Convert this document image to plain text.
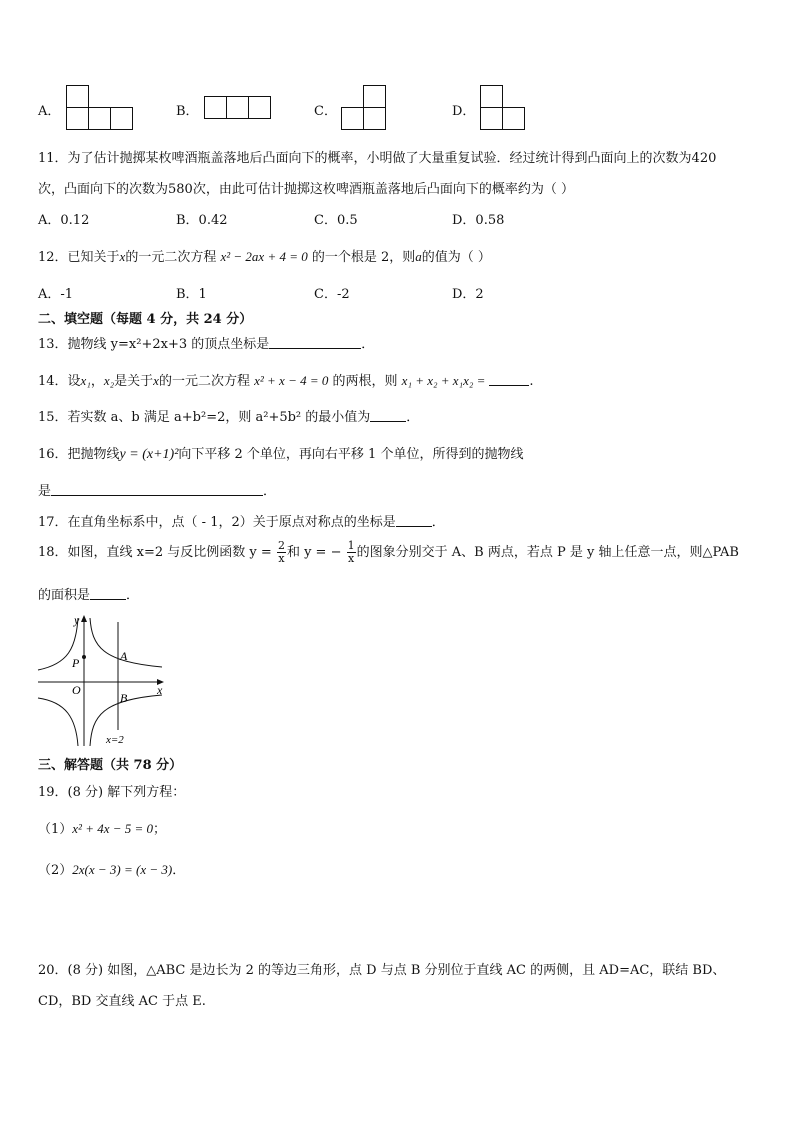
A．	B．	C．	D．
11．为了估计抛掷某枚啤酒瓶盖落地后凸面向下的概率，小明做了大量重复试验．经过统计得到凸面向上的次数为420
次，凸面向下的次数为580次，由此可估计抛掷这枚啤酒瓶盖落地后凸面向下的概率约为（ ）
A．0.12	B．0.42	C．0.5	D．0.58
12．已知关于x的一元二次方程 x² − 2ax + 4 = 0 的一个根是 2，则a的值为（ ）
A．-1	B．1	C．-2	D．2
二、填空题（每题 4 分，共 24 分）
13．抛物线 y=x²+2x+3 的顶点坐标是	．
14．设x₁，x₂是关于x的一元二次方程 x² + x − 4 = 0 的两根，则 x₁ + x₂ + x₁x₂ =	.
15．若实数 a、b 满足 a+b²=2，则 a²+5b² 的最小值为	．
16．把抛物线y = (x+1)²向下平移 2 个单位，再向右平移 1 个单位，所得到的抛物线
是	．
17．在直角坐标系中，点（ - 1，2）关于原点对称点的坐标是	．
18．如图，直线 x=2 与反比例函数 $y = \frac{2}{x}$ 和 y = − $\frac{1}{x}$ 的图象分别交于 A、B 两点，若点 P 是 y 轴上任意一点，则△PAB
的面积是	．
y
x
O
P	A
B
x=2
三、解答题（共 78 分）
19．(8 分) 解下列方程：
（1）x² + 4x − 5 = 0；
（2）2x(x − 3) = (x − 3)．
20．(8 分) 如图，△ABC 是边长为 2 的等边三角形，点 D 与点 B 分别位于直线 AC 的两侧，且 AD=AC，联结 BD、
CD，BD 交直线 AC 于点 E.
